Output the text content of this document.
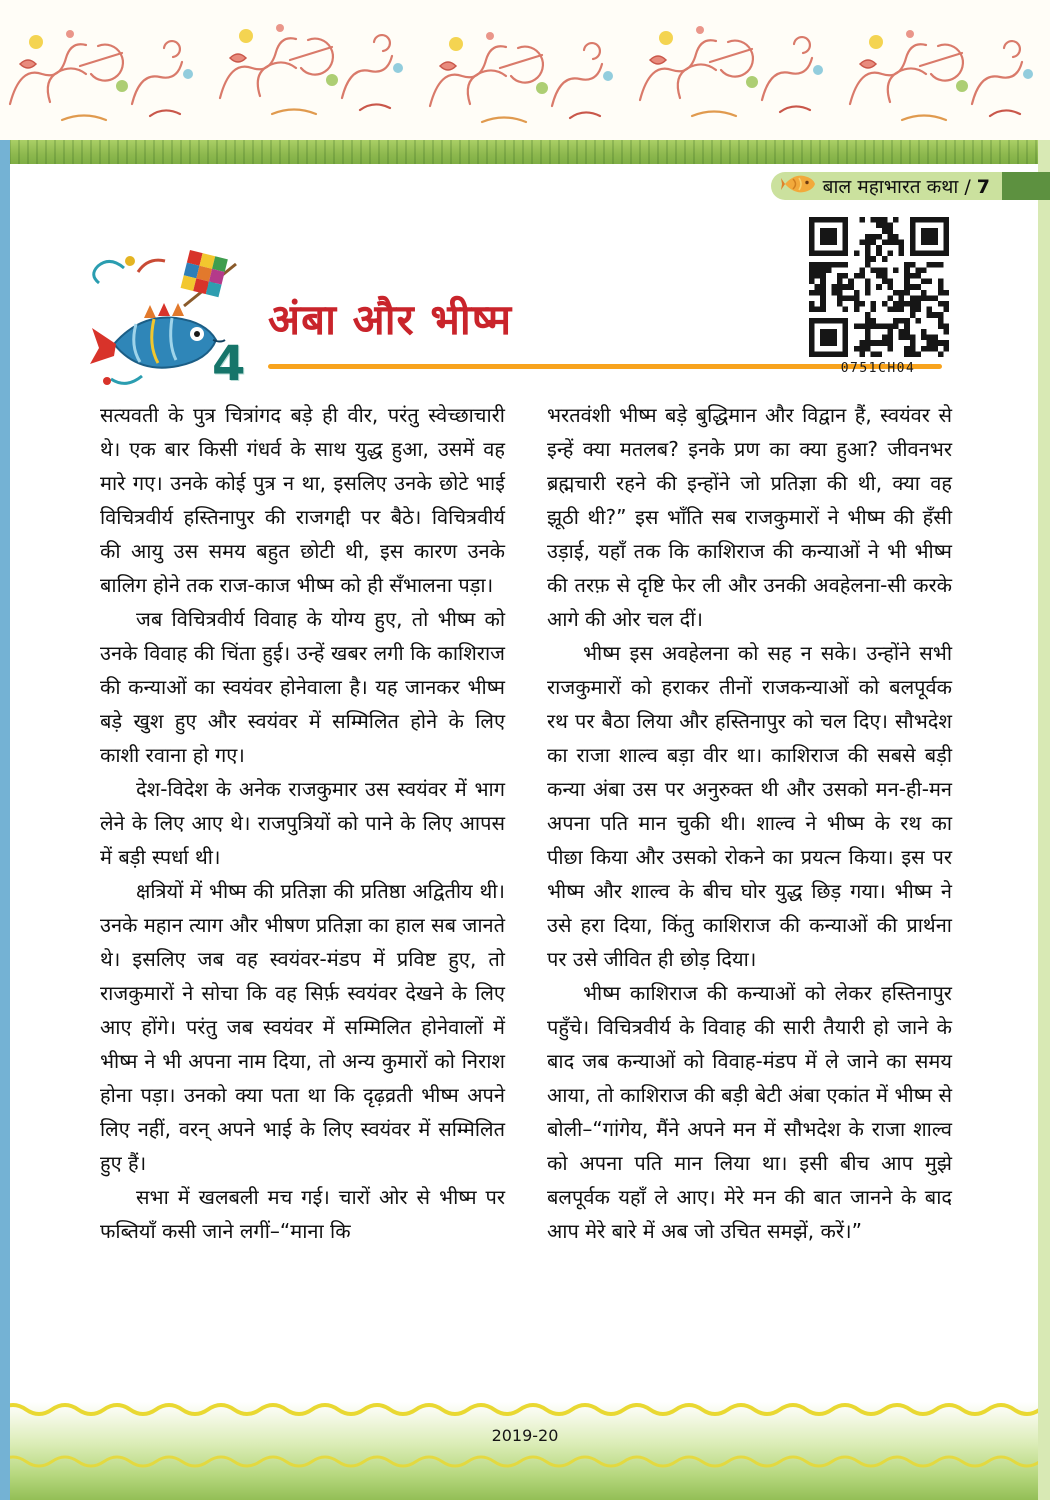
बाल महाभारत कथा / 7
0751CH04
4
अंबा और भीष्म

सत्यवती के पुत्र चित्रांगद बड़े ही वीर, परंतु स्वेच्छाचारी थे। एक बार किसी गंधर्व के साथ युद्ध हुआ, उसमें वह मारे गए। उनके कोई पुत्र न था, इसलिए उनके छोटे भाई विचित्रवीर्य हस्तिनापुर की राजगद्दी पर बैठे। विचित्रवीर्य की आयु उस समय बहुत छोटी थी, इस कारण उनके बालिग होने तक राज-काज भीष्म को ही सँभालना पड़ा।

जब विचित्रवीर्य विवाह के योग्य हुए, तो भीष्म को उनके विवाह की चिंता हुई। उन्हें खबर लगी कि काशिराज की कन्याओं का स्वयंवर होनेवाला है। यह जानकर भीष्म बड़े खुश हुए और स्वयंवर में सम्मिलित होने के लिए काशी रवाना हो गए।

देश-विदेश के अनेक राजकुमार उस स्वयंवर में भाग लेने के लिए आए थे। राजपुत्रियों को पाने के लिए आपस में बड़ी स्पर्धा थी।

क्षत्रियों में भीष्म की प्रतिज्ञा की प्रतिष्ठा अद्वितीय थी। उनके महान त्याग और भीषण प्रतिज्ञा का हाल सब जानते थे। इसलिए जब वह स्वयंवर-मंडप में प्रविष्ट हुए, तो राजकुमारों ने सोचा कि वह सिर्फ़ स्वयंवर देखने के लिए आए होंगे। परंतु जब स्वयंवर में सम्मिलित होनेवालों में भीष्म ने भी अपना नाम दिया, तो अन्य कुमारों को निराश होना पड़ा। उनको क्या पता था कि दृढ़व्रती भीष्म अपने लिए नहीं, वरन् अपने भाई के लिए स्वयंवर में सम्मिलित हुए हैं।

सभा में खलबली मच गई। चारों ओर से भीष्म पर फब्तियाँ कसी जाने लगीं–“माना कि

भरतवंशी भीष्म बड़े बुद्धिमान और विद्वान हैं, स्वयंवर से इन्हें क्या मतलब? इनके प्रण का क्या हुआ? जीवनभर ब्रह्मचारी रहने की इन्होंने जो प्रतिज्ञा की थी, क्या वह झूठी थी?” इस भाँति सब राजकुमारों ने भीष्म की हँसी उड़ाई, यहाँ तक कि काशिराज की कन्याओं ने भी भीष्म की तरफ़ से दृष्टि फेर ली और उनकी अवहेलना-सी करके आगे की ओर चल दीं।

भीष्म इस अवहेलना को सह न सके। उन्होंने सभी राजकुमारों को हराकर तीनों राजकन्याओं को बलपूर्वक रथ पर बैठा लिया और हस्तिनापुर को चल दिए। सौभदेश का राजा शाल्व बड़ा वीर था। काशिराज की सबसे बड़ी कन्या अंबा उस पर अनुरुक्त थी और उसको मन-ही-मन अपना पति मान चुकी थी। शाल्व ने भीष्म के रथ का पीछा किया और उसको रोकने का प्रयत्न किया। इस पर भीष्म और शाल्व के बीच घोर युद्ध छिड़ गया। भीष्म ने उसे हरा दिया, किंतु काशिराज की कन्याओं की प्रार्थना पर उसे जीवित ही छोड़ दिया।

भीष्म काशिराज की कन्याओं को लेकर हस्तिनापुर पहुँचे। विचित्रवीर्य के विवाह की सारी तैयारी हो जाने के बाद जब कन्याओं को विवाह-मंडप में ले जाने का समय आया, तो काशिराज की बड़ी बेटी अंबा एकांत में भीष्म से बोली–“गांगेय, मैंने अपने मन में सौभदेश के राजा शाल्व को अपना पति मान लिया था। इसी बीच आप मुझे बलपूर्वक यहाँ ले आए। मेरे मन की बात जानने के बाद आप मेरे बारे में अब जो उचित समझें, करें।”

2019-20
